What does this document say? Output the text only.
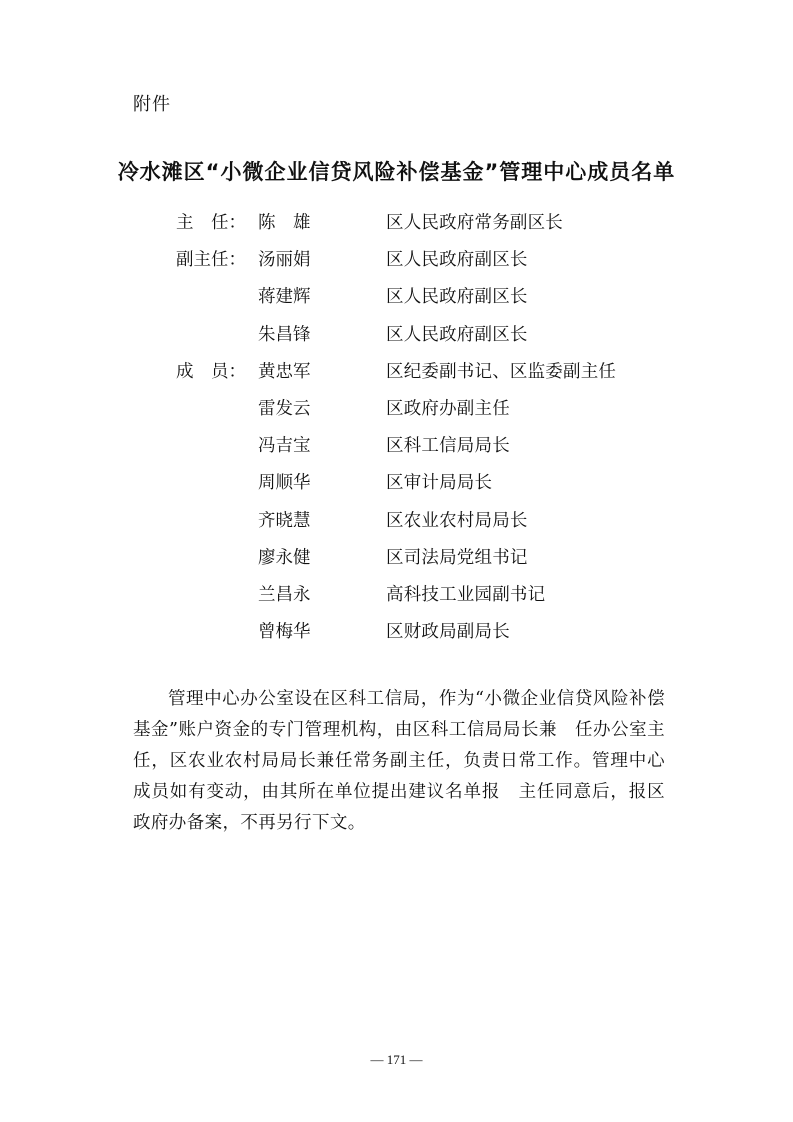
附件
冷水滩区“小微企业信贷风险补偿基金”管理中心成员名单
主　任： 陈　雄	区人民政府常务副区长
副主任： 汤丽娟	区人民政府副区长
蒋建辉	区人民政府副区长
朱昌锋	区人民政府副区长
成　员： 黄忠军	区纪委副书记、区监委副主任
雷发云	区政府办副主任
冯吉宝	区科工信局局长
周顺华	区审计局局长
齐晓慧	区农业农村局局长
廖永健	区司法局党组书记
兰昌永	高科技工业园副书记
曾梅华	区财政局副局长
管理中心办公室设在区科工信局，作为“小微企业信贷风险补偿基金”账户资金的专门管理机构，由区科工信局局长兼　任办公室主任，区农业农村局局长兼任常务副主任，负责日常工作。管理中心成员如有变动，由其所在单位提出建议名单报　主任同意后，报区政府办备案，不再另行下文。
— 171 —
